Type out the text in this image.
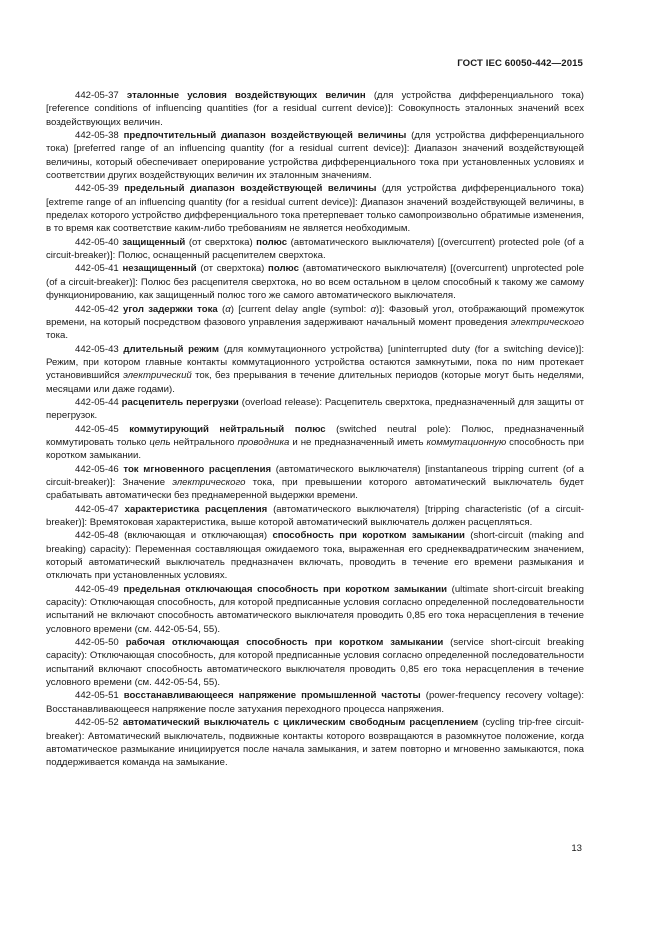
ГОСТ IEC 60050-442—2015

442-05-37 эталонные условия воздействующих величин (для устройства дифференциального тока) [reference conditions of influencing quantities (for a residual current device)]: Совокупность эталонных значений всех воздействующих величин.

442-05-38 предпочтительный диапазон воздействующей величины (для устройства дифференциального тока) [preferred range of an influencing quantity (for a residual current device)]: Диапазон значений воздействующей величины, который обеспечивает оперирование устройства дифференциального тока при установленных условиях и соответствии других воздействующих величин их эталонным значениям.

442-05-39 предельный диапазон воздействующей величины (для устройства дифференциального тока) [extreme range of an influencing quantity (for a residual current device)]: Диапазон значений воздействующей величины, в пределах которого устройство дифференциального тока претерпевает только самопроизвольно обратимые изменения, в то время как соответствие каким-либо требованиям не является необходимым.

442-05-40 защищенный (от сверхтока) полюс (автоматического выключателя) [(overcurrent) protected pole (of a circuit-breaker)]: Полюс, оснащенный расцепителем сверхтока.

442-05-41 незащищенный (от сверхтока) полюс (автоматического выключателя) [(overcurrent) unprotected pole (of a circuit-breaker)]: Полюс без расцепителя сверхтока, но во всем остальном в целом способный к такому же самому функционированию, как защищенный полюс того же самого автоматического выключателя.

442-05-42 угол задержки тока (α) [current delay angle (symbol: α)]: Фазовый угол, отображающий промежуток времени, на который посредством фазового управления задерживают начальный момент проведения электрического тока.

442-05-43 длительный режим (для коммутационного устройства) [uninterrupted duty (for a switching device)]: Режим, при котором главные контакты коммутационного устройства остаются замкнутыми, пока по ним протекает установившийся электрический ток, без прерывания в течение длительных периодов (которые могут быть неделями, месяцами или даже годами).

442-05-44 расцепитель перегрузки (overload release): Расцепитель сверхтока, предназначенный для защиты от перегрузок.

442-05-45 коммутирующий нейтральный полюс (switched neutral pole): Полюс, предназначенный коммутировать только цепь нейтрального проводника и не предназначенный иметь коммутационную способность при коротком замыкании.

442-05-46 ток мгновенного расцепления (автоматического выключателя) [instantaneous tripping current (of a circuit-breaker)]: Значение электрического тока, при превышении которого автоматический выключатель будет срабатывать автоматически без преднамеренной выдержки времени.

442-05-47 характеристика расцепления (автоматического выключателя) [tripping characteristic (of a circuit-breaker)]: Времятоковая характеристика, выше которой автоматический выключатель должен расцепляться.

442-05-48 (включающая и отключающая) способность при коротком замыкании (short-circuit (making and breaking) capacity): Переменная составляющая ожидаемого тока, выраженная его среднеквадратическим значением, который автоматический выключатель предназначен включать, проводить в течение его времени размыкания и отключать при установленных условиях.

442-05-49 предельная отключающая способность при коротком замыкании (ultimate short-circuit breaking capacity): Отключающая способность, для которой предписанные условия согласно определенной последовательности испытаний не включают способность автоматического выключателя проводить 0,85 его тока нерасцепления в течение условного времени (см. 442-05-54, 55).

442-05-50 рабочая отключающая способность при коротком замыкании (service short-circuit breaking capacity): Отключающая способность, для которой предписанные условия согласно определенной последовательности испытаний включают способность автоматического выключателя проводить 0,85 его тока нерасцепления в течение условного времени (см. 442-05-54, 55).

442-05-51 восстанавливающееся напряжение промышленной частоты (power-frequency recovery voltage): Восстанавливающееся напряжение после затухания переходного процесса напряжения.

442-05-52 автоматический выключатель с циклическим свободным расцеплением (cycling trip-free circuit-breaker): Автоматический выключатель, подвижные контакты которого возвращаются в разомкнутое положение, когда автоматическое размыкание инициируется после начала замыкания, и затем повторно и мгновенно замыкаются, пока поддерживается команда на замыкание.

13
